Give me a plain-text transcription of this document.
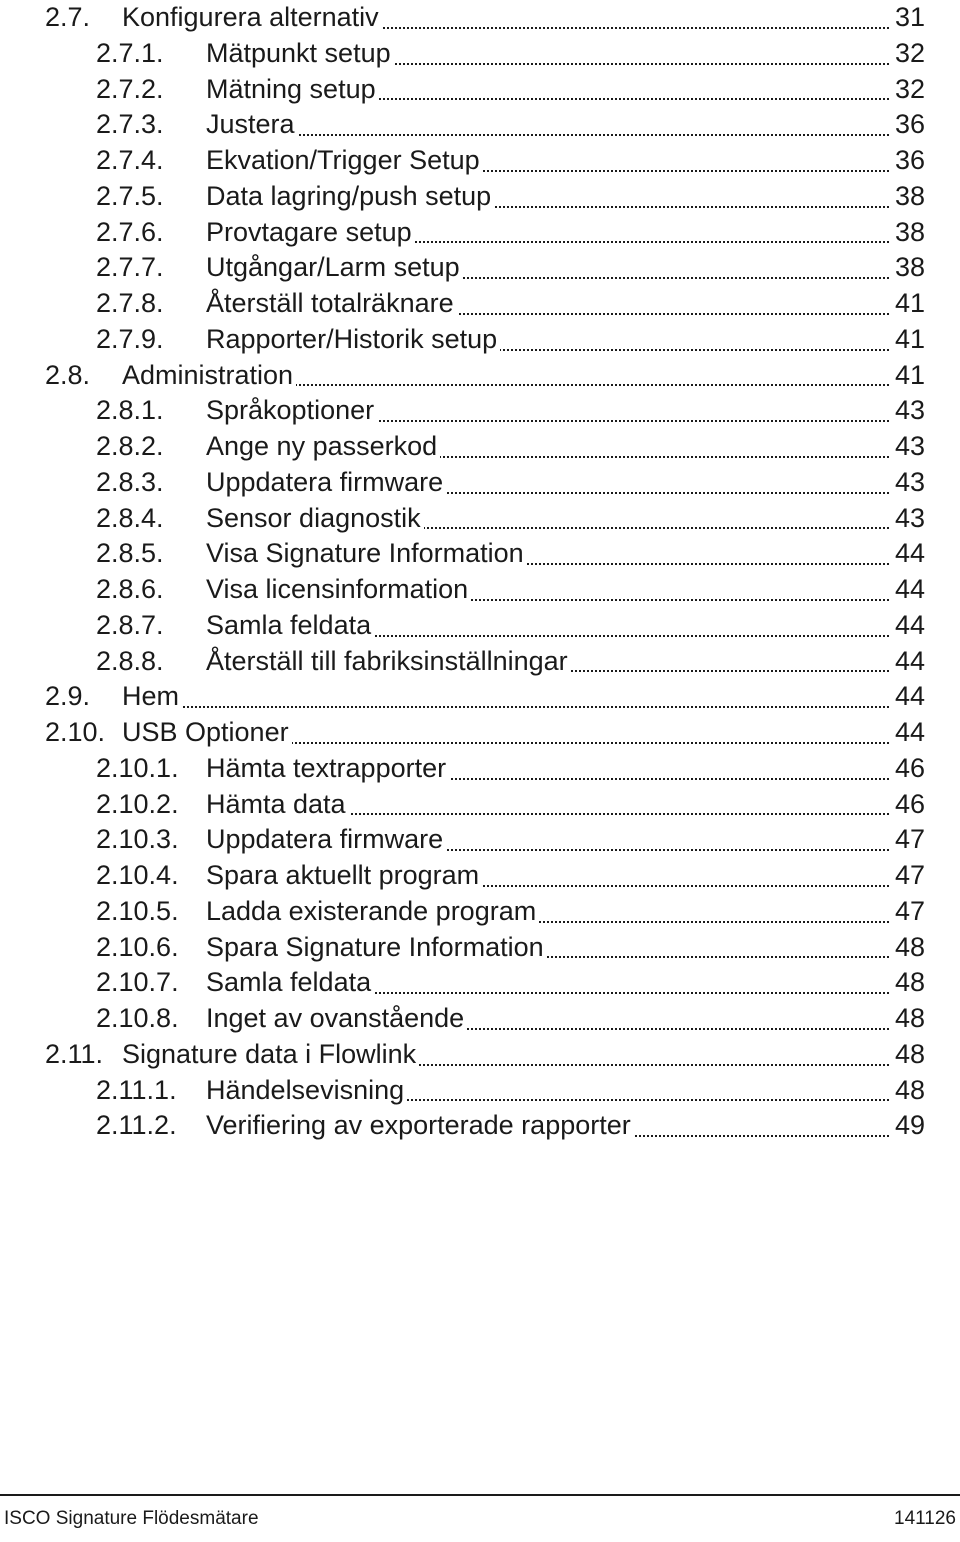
2.7. Konfigurera alternativ	31
2.7.1. Mätpunkt setup	32
2.7.2. Mätning setup	32
2.7.3. Justera	36
2.7.4. Ekvation/Trigger Setup	36
2.7.5. Data lagring/push setup	38
2.7.6. Provtagare setup	38
2.7.7. Utgångar/Larm setup	38
2.7.8. Återställ totalräknare	41
2.7.9. Rapporter/Historik setup	41
2.8. Administration	41
2.8.1. Språkoptioner	43
2.8.2. Ange ny passerkod	43
2.8.3. Uppdatera firmware	43
2.8.4. Sensor diagnostik	43
2.8.5. Visa Signature Information	44
2.8.6. Visa licensinformation	44
2.8.7. Samla feldata	44
2.8.8. Återställ till fabriksinställningar	44
2.9. Hem	44
2.10. USB Optioner	44
2.10.1. Hämta textrapporter	46
2.10.2. Hämta data	46
2.10.3. Uppdatera firmware	47
2.10.4. Spara aktuellt program	47
2.10.5. Ladda existerande program	47
2.10.6. Spara Signature Information	48
2.10.7. Samla feldata	48
2.10.8. Inget av ovanstående	48
2.11. Signature data i Flowlink	48
2.11.1. Händelsevisning	48
2.11.2. Verifiering av exporterade rapporter	49
ISCO Signature Flödesmätare	141126
